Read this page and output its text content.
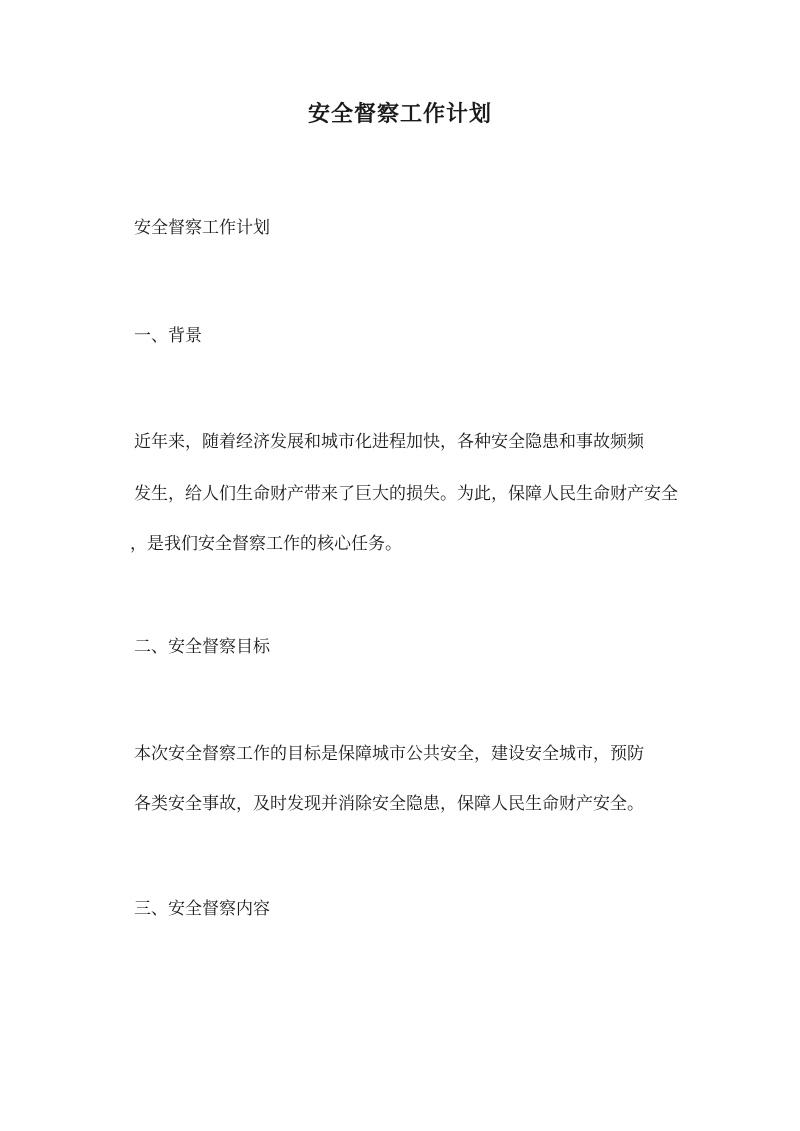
安全督察工作计划
安全督察工作计划
一、背景
近年来，随着经济发展和城市化进程加快，各种安全隐患和事故频频
发生，给人们生命财产带来了巨大的损失。为此，保障人民生命财产安全
，是我们安全督察工作的核心任务。
二、安全督察目标
本次安全督察工作的目标是保障城市公共安全，建设安全城市，预防
各类安全事故，及时发现并消除安全隐患，保障人民生命财产安全。
三、安全督察内容
